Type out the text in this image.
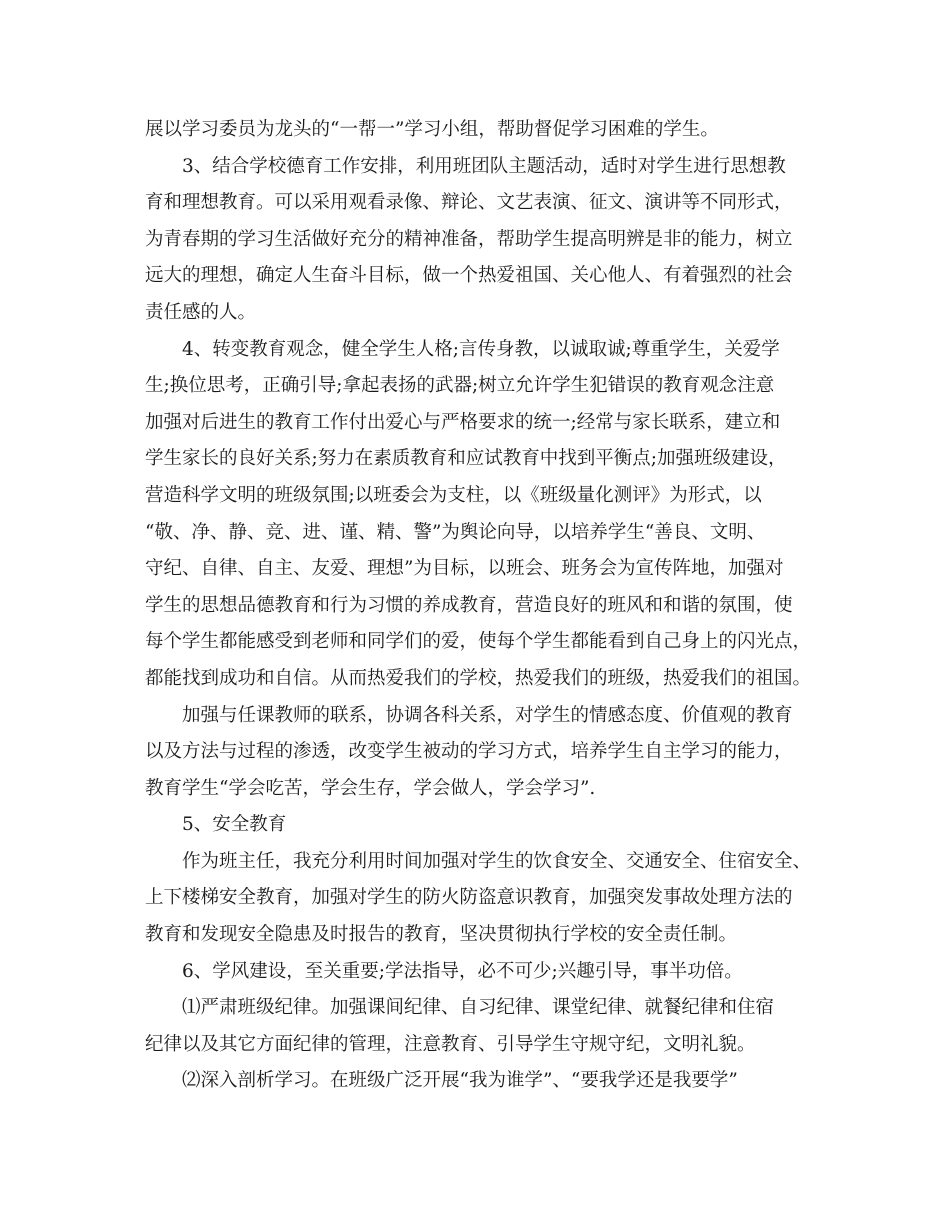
展以学习委员为龙头的“一帮一”学习小组，帮助督促学习困难的学生。
3、结合学校德育工作安排，利用班团队主题活动，适时对学生进行思想教
育和理想教育。可以采用观看录像、辩论、文艺表演、征文、演讲等不同形式，
为青春期的学习生活做好充分的精神准备，帮助学生提高明辨是非的能力，树立
远大的理想，确定人生奋斗目标，做一个热爱祖国、关心他人、有着强烈的社会
责任感的人。
4、转变教育观念，健全学生人格;言传身教，以诚取诚;尊重学生，关爱学
生;换位思考，正确引导;拿起表扬的武器;树立允许学生犯错误的教育观念注意
加强对后进生的教育工作付出爱心与严格要求的统一;经常与家长联系，建立和
学生家长的良好关系;努力在素质教育和应试教育中找到平衡点;加强班级建设，
营造科学文明的班级氛围;以班委会为支柱，以《班级量化测评》为形式，以
“敬、净、静、竞、进、谨、精、警”为舆论向导，以培养学生“善良、文明、
守纪、自律、自主、友爱、理想”为目标，以班会、班务会为宣传阵地，加强对
学生的思想品德教育和行为习惯的养成教育，营造良好的班风和和谐的氛围，使
每个学生都能感受到老师和同学们的爱，使每个学生都能看到自己身上的闪光点，
都能找到成功和自信。从而热爱我们的学校，热爱我们的班级，热爱我们的祖国。
加强与任课教师的联系，协调各科关系，对学生的情感态度、价值观的教育
以及方法与过程的渗透，改变学生被动的学习方式，培养学生自主学习的能力，
教育学生“学会吃苦，学会生存，学会做人，学会学习”.
5、安全教育
作为班主任，我充分利用时间加强对学生的饮食安全、交通安全、住宿安全、
上下楼梯安全教育，加强对学生的防火防盗意识教育，加强突发事故处理方法的
教育和发现安全隐患及时报告的教育，坚决贯彻执行学校的安全责任制。
6、学风建设，至关重要;学法指导，必不可少;兴趣引导，事半功倍。
⑴严肃班级纪律。加强课间纪律、自习纪律、课堂纪律、就餐纪律和住宿
纪律以及其它方面纪律的管理，注意教育、引导学生守规守纪，文明礼貌。
⑵深入剖析学习。在班级广泛开展“我为谁学”、“要我学还是我要学”
